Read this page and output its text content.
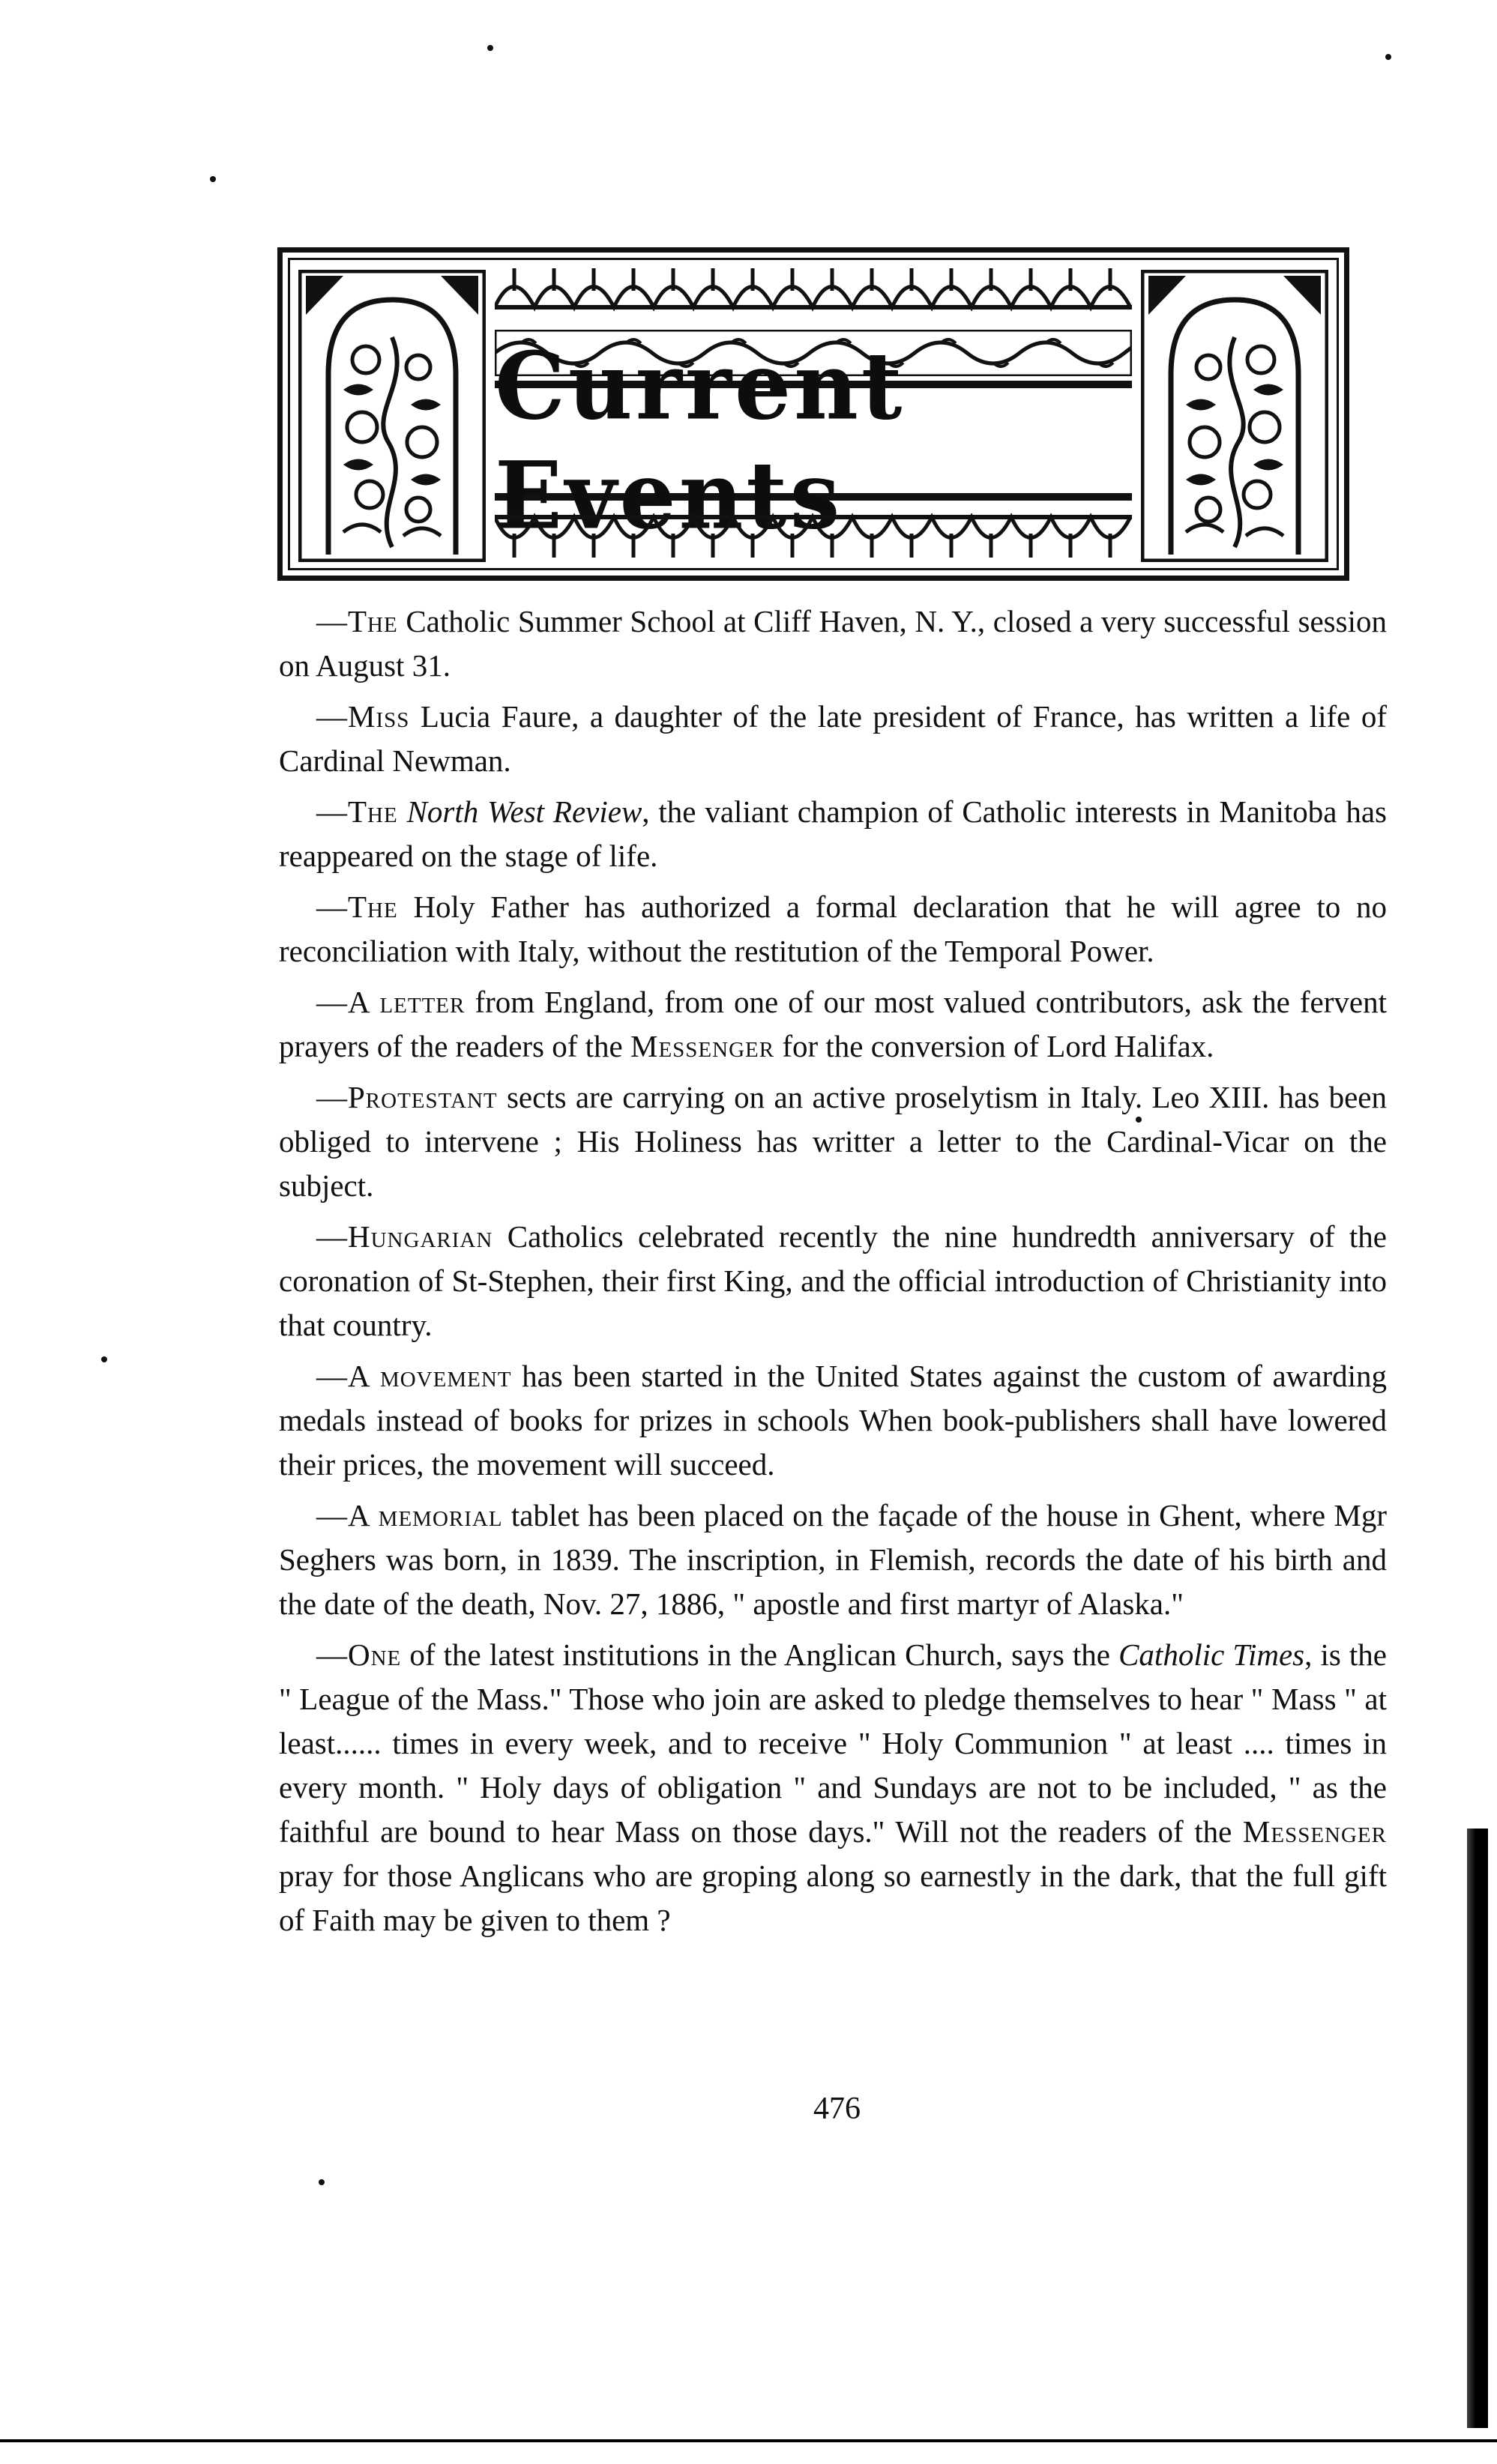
Current Events

—The Catholic Summer School at Cliff Haven, N. Y., closed a very successful session on August 31.

—Miss Lucia Faure, a daughter of the late president of France, has written a life of Cardinal Newman.

—The North West Review, the valiant champion of Catholic interests in Manitoba has reappeared on the stage of life.

—The Holy Father has authorized a formal declaration that he will agree to no reconciliation with Italy, without the restitution of the Temporal Power.

—A letter from England, from one of our most valued contributors, ask the fervent prayers of the readers of the Messenger for the conversion of Lord Halifax.

—Protestant sects are carrying on an active proselytism in Italy. Leo XIII. has been obliged to intervene ; His Holiness has writter a letter to the Cardinal-Vicar on the subject.

—Hungarian Catholics celebrated recently the nine hundredth anniversary of the coronation of St-Stephen, their first King, and the official introduction of Christianity into that country.

—A movement has been started in the United States against the custom of awarding medals instead of books for prizes in schools When book-publishers shall have lowered their prices, the movement will succeed.

—A memorial tablet has been placed on the façade of the house in Ghent, where Mgr Seghers was born, in 1839. The inscription, in Flemish, records the date of his birth and the date of the death, Nov. 27, 1886, " apostle and first martyr of Alaska."

—One of the latest institutions in the Anglican Church, says the Catholic Times, is the " League of the Mass." Those who join are asked to pledge themselves to hear " Mass " at least...... times in every week, and to receive " Holy Communion " at least .... times in every month. " Holy days of obligation " and Sundays are not to be included, " as the faithful are bound to hear Mass on those days." Will not the readers of the Messenger pray for those Anglicans who are groping along so earnestly in the dark, that the full gift of Faith may be given to them ?

476
